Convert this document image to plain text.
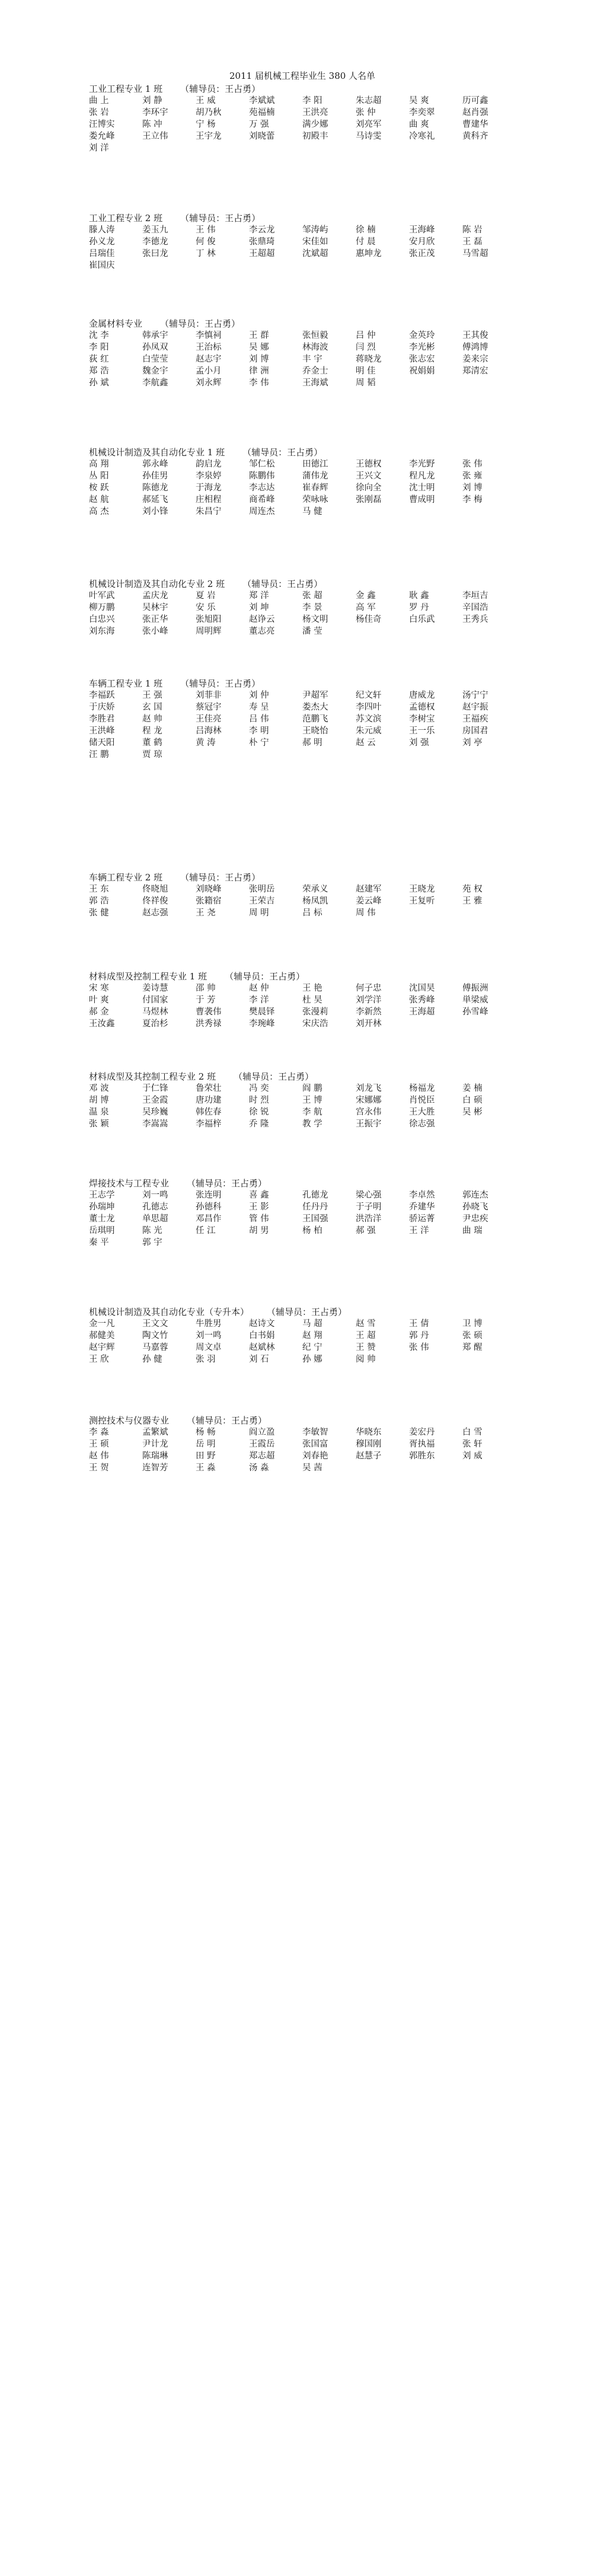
2011 届机械工程毕业生 380 人名单
工业工程专业 1 班 （辅导员：王占勇）
曲 上	刘 静	王 威	李斌斌	李 阳	朱志超	吴 爽	历可鑫
张 岩	李环宇	胡乃秋	苑福楠	王洪亮	张 仲	李奕翠	赵肖强
汪博实	陈 冲	宁 杨	万 强	满少娜	刘亮军	曲 爽	曹建华
娄允峰	王立伟	王宇龙	刘晓蕾	初殿丰	马诗雯	冷寒礼	黄科齐
刘 洋
工业工程专业 2 班 （辅导员：王占勇）
滕人涛	姜玉九	王 伟	李云龙	邹涛屿	徐 楠	王海峰	陈 岩
孙义龙	李德龙	何 俊	张鼎琦	宋佳如	付 晨	安月欣	王 磊
吕瑞佳	张曰龙	丁 林	王超超	沈斌超	惠坤龙	张正茂	马雪超
崔国庆
金属材料专业 （辅导员：王占勇）
沈 李	韩承宇	李慎祠	王 群	张恒毅	吕 仲	金英玲	王其俊
李 阳	孙凤双	王治标	吴 娜	林海波	闫 烈	李光彬	傅鸿博
荻 红	白莹莹	赵志宇	刘 博	丰 宇	蒋晓龙	张志宏	姜来宗
郑 浩	魏金宇	孟小月	律 洲	乔金士	明 佳	祝娟娟	郑清宏
孙 斌	李航鑫	刘永辉	李 伟	王海斌	周 韬
机械设计制造及其自动化专业 1 班 （辅导员：王占勇）
高 翔	郭永峰	韵启龙	邹仁松	田德江	王德权	李光野	张 伟
丛 阳	孙佳男	李泉婷	陈鹏伟	蒲伟龙	王兴文	程凡龙	张 雍
桉 跃	陈德龙	于海龙	李志达	崔春辉	徐向全	沈士明	刘 博
赵 航	郝延飞	庄相程	商希峰	荣咏咏	张刚磊	曹成明	李 梅
高 杰	刘小锋	朱昌宁	周连杰	马 健
机械设计制造及其自动化专业 2 班 （辅导员：王占勇）
叶军武	孟庆龙	夏 岩	郑 洋	张 超	金 鑫	耿 鑫	李垣吉
柳万鹏	吴林宇	安 乐	刘 坤	李 景	高 军	罗 丹	辛国浩
白忠兴	张正华	张旭阳	赵诤云	杨文明	杨佳奇	白乐武	王秀兵
刘东海	张小峰	周明辉	董志亮	潘 莹
车辆工程专业 1 班 （辅导员：王占勇）
李福跃	王 强	刘菲非	刘 仲	尹超军	纪文轩	唐威龙	汤宁宁
于庆娇	玄 国	蔡冠宇	寿 呈	娄杰大	李四叶	孟德权	赵宇振
李胜君	赵 帅	王佳亮	吕 伟	范鹏飞	苏文滨	李树宝	王福疾
王洪峰	程 龙	吕海林	李 明	王晓怡	朱元威	王一乐	房国君
储天阳	董 鹤	黄 涛	朴 宁	郝 明	赵 云	刘 强	刘 亭
汪 鹏	贾 琼
车辆工程专业 2 班 （辅导员：王占勇）
王 东	佟晓旭	刘晓峰	张明岳	荣承义	赵建军	王晓龙	苑 权
郭 浩	佟祥俊	张籍宿	王荣吉	杨凤凯	姜云峰	王复听	王 雅
张 健	赵志强	王 尧	周 明	吕 标	周 伟
材料成型及控制工程专业 1 班 （辅导员：王占勇）
宋 寒	姜诗慧	邵 帅	赵 仲	王 艳	何子忠	沈国昊	傅振洲
叶 爽	付国家	于 芳	李 洋	杜 昊	刘学洋	张秀峰	単梁威
郝 金	马煜林	曹袭伟	樊晨铎	张漫莉	李新然	王海超	孙雪峰
王汝鑫	夏治杉	洪秀禄	李琬峰	宋庆浩	刘开林
材料成型及其控制工程专业 2 班 （辅导员：王占勇）
邓 波	于仁锋	鲁荣壮	冯 奕	阎 鹏	刘龙飞	杨福龙	姜 楠
胡 博	王金霞	唐功建	时 烈	王 博	宋娜娜	肖悦臣	白 硕
温 泉	吴珍巍	韩佐春	徐 锐	李 航	宫永伟	王大胜	吴 彬
张 颖	李嵩嵩	李福梓	乔 隆	教 学	王振宇	徐志强
焊接技术与工程专业 （辅导员：王占勇）
王志学	刘一鸣	张连明	喜 鑫	孔德龙	梁心强	李卓然	郭连杰
孙瑞坤	孔德志	孙德科	王 影	任丹丹	于子明	乔建华	孙晓飞
董士龙	单思超	邓昌作	管 伟	王国强	洪浩洋	骄运菁	尹忠疾
岳琪明	陈 光	任 江	胡 男	杨 柏	郝 强	王 洋	曲 瑞
秦 平	郭 宇
机械设计制造及其自动化专业（专升本） （辅导员：王占勇）
金一凡	王文文	牛胜男	赵诗文	马 超	赵 雪	王 倩	卫 博
郝健美	陶文竹	刘一鸣	白书娟	赵 翔	王 超	郭 丹	张 硕
赵宇辉	马嘉蓉	周文卓	赵斌林	纪 宁	王 赞	张 伟	郑 醒
王 欣	孙 健	张 羽	刘 石	孙 娜	阅 帅
测控技术与仪器专业 （辅导员：王占勇）
李 淼	孟繁斌	杨 畅	阎立盈	李敏智	华晓东	姜宏丹	白 雪
王 硕	尹计龙	岳 明	王霞岳	张国富	穆国刚	胥执福	张 轩
赵 伟	陈瑞琳	田 野	郑志超	刘春艳	赵慧子	郭胜东	刘 威
王 贺	连智芳	王 淼	汤 淼	吴 茜
